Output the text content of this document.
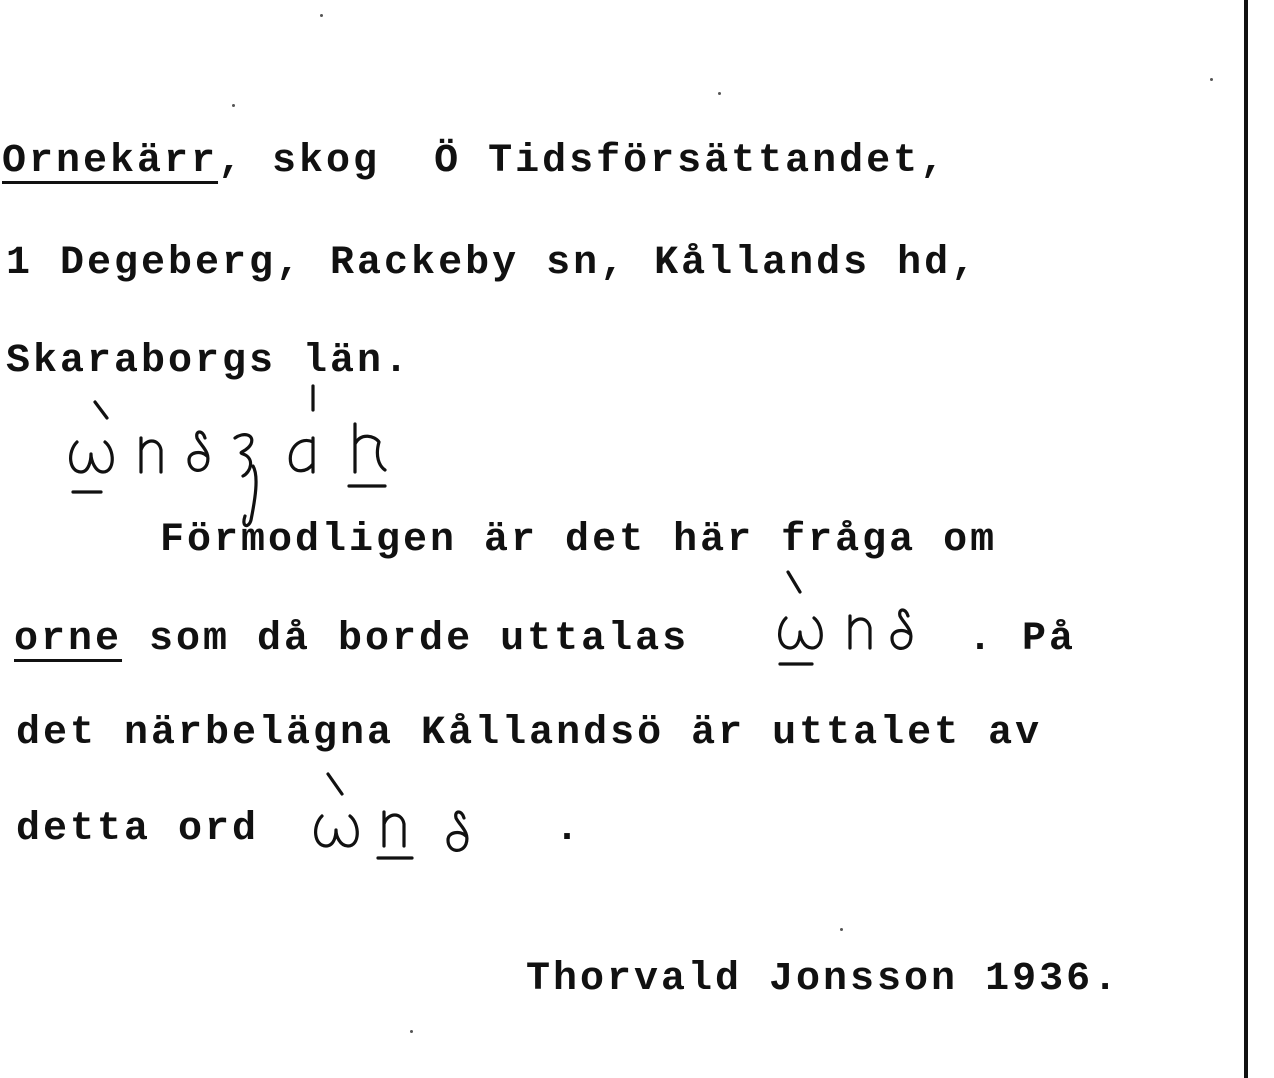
Ornekärr, skog  Ö Tidsförsättandet,
1 Degeberg, Rackeby sn, Kållands hd,
Skaraborgs län.
Förmodligen är det här fråga om
orne som då borde uttalas	. På
det närbelägna Kållandsö är uttalet av
detta ord	.
Thorvald Jonsson 1936.
